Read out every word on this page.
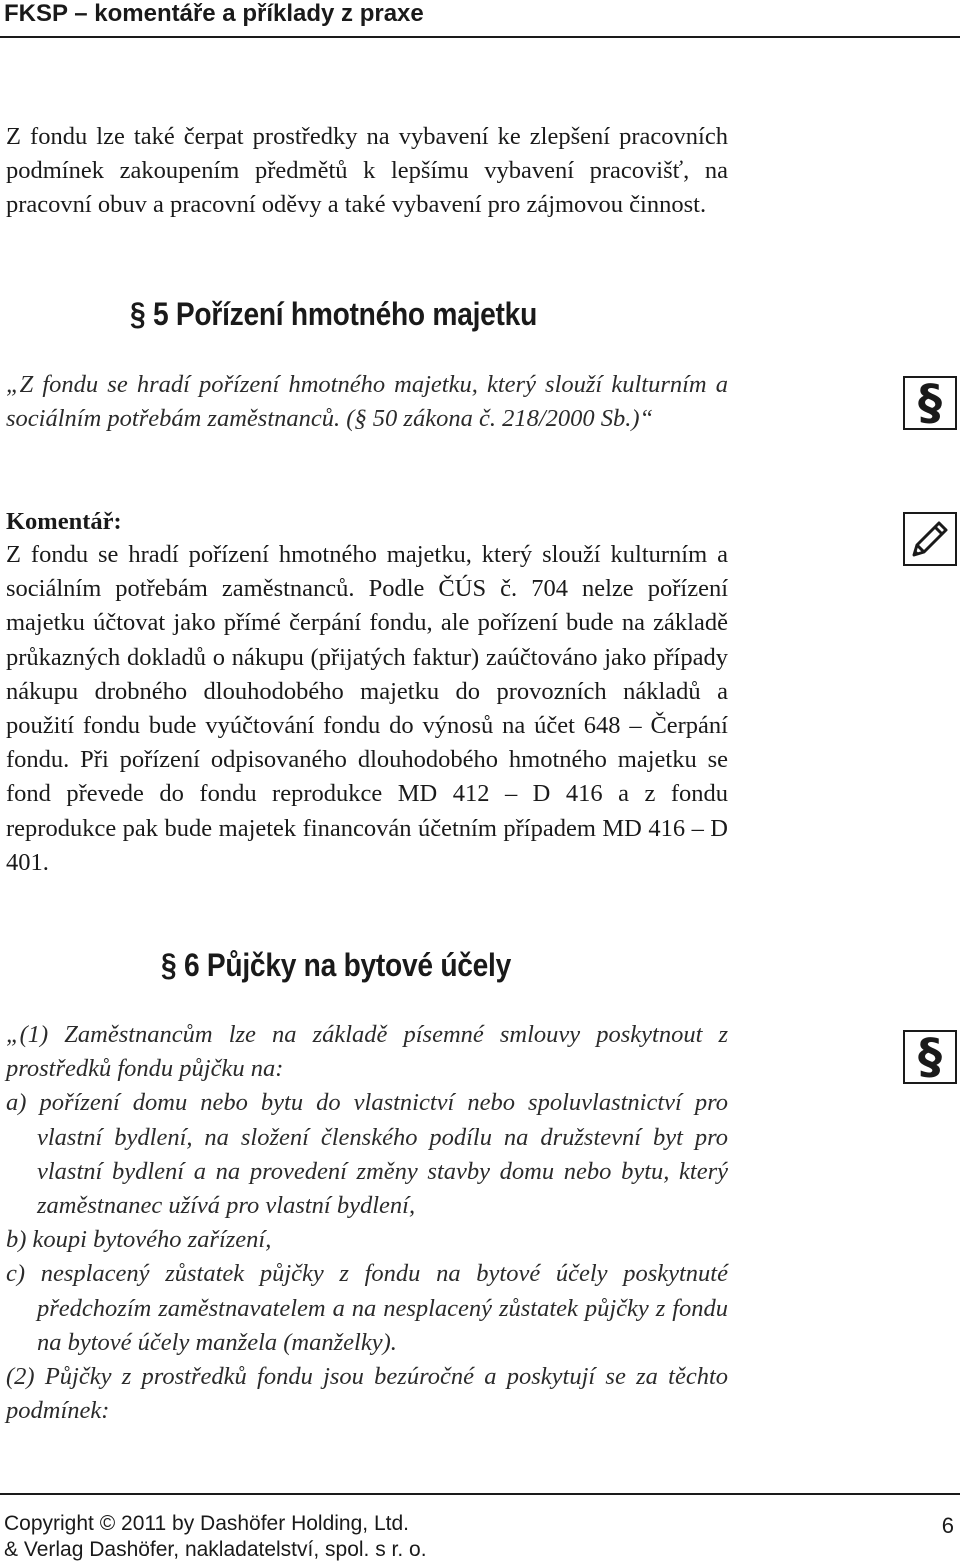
FKSP – komentáře a příklady z praxe

Z fondu lze také čerpat prostředky na vybavení ke zlepšení pracovních podmínek zakoupením předmětů k lepšímu vybavení pracovišť, na pracovní obuv a pracovní oděvy a také vybavení pro zájmovou činnost.

§ 5 Pořízení hmotného majetku

„Z fondu se hradí pořízení hmotného majetku, který slouží kulturním a sociálním potřebám zaměstnanců. (§ 50 zákona č. 218/2000 Sb.)“	§
Komentář:

Z fondu se hradí pořízení hmotného majetku, který slouží kulturním a sociálním potřebám zaměstnanců. Podle ČÚS č. 704 nelze pořízení majetku účtovat jako přímé čerpání fondu, ale pořízení bude na základě průkazných dokladů o nákupu (přijatých faktur) zaúčtováno jako případy nákupu drobného dlouhodobého majetku do provozních nákladů a použití fondu bude vyúčtování fondu do výnosů na účet 648 – Čerpání fondu. Při pořízení odpisovaného dlouhodobého hmotného majetku se fond převede do fondu reprodukce MD 412 – D 416 a z fondu reprodukce pak bude majetek financován účetním případem MD 416 – D 401.

§ 6 Půjčky na bytové účely
„(1) Zaměstnancům lze na základě písemné smlouvy poskytnout z prostředků fondu půjčku na:
a) pořízení domu nebo bytu do vlastnictví nebo spoluvlastnictví pro vlastní bydlení, na složení členského podílu na družstevní byt pro vlastní bydlení a na provedení změny stavby domu nebo bytu, který zaměstnanec užívá pro vlastní bydlení,
b) koupi bytového zařízení,
c) nesplacený zůstatek půjčky z fondu na bytové účely poskytnuté předchozím zaměstnavatelem a na nesplacený zůstatek půjčky z fondu na bytové účely manžela (manželky).
(2) Půjčky z prostředků fondu jsou bezúročné a poskytují se za těchto podmínek:
§
Copyright © 2011 by Dashöfer Holding, Ltd.
& Verlag Dashöfer, nakladatelství, spol. s r. o.
6
